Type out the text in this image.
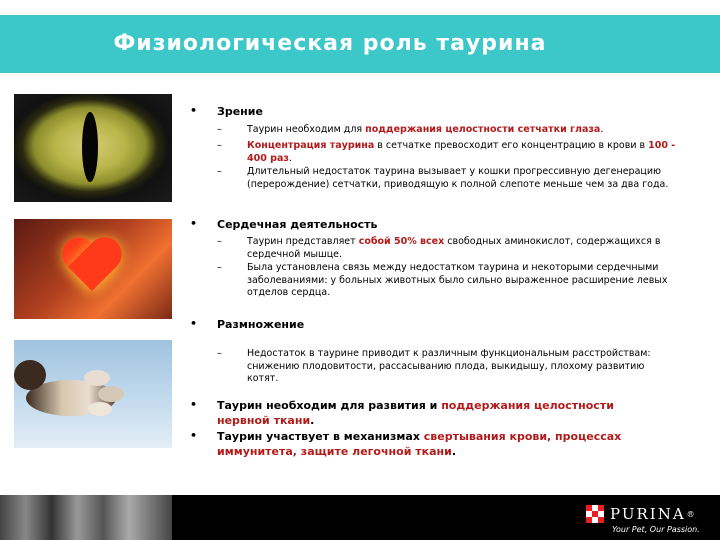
Физиологическая роль таурина
• Зрение
–	Таурин необходим для поддержания целостности сетчатки глаза.
–	Концентрация таурина в сетчатке превосходит его концентрацию в крови в 100 - 400 раз.
–	Длительный недостаток таурина вызывает у кошки прогрессивную дегенерацию (перерождение) сетчатки, приводящую к полной слепоте меньше чем за два года.
• Сердечная деятельность
–	Таурин представляет собой 50% всех свободных аминокислот, содержащихся в сердечной мышце.
–	Была установлена связь между недостатком таурина и некоторыми сердечными заболеваниями: у больных животных было сильно выраженное расширение левых отделов сердца.
• Размножение
–	Недостаток в таурине приводит к различным функциональным расстройствам: снижению плодовитости, рассасыванию плода, выкидышу, плохому развитию котят.
• Таурин необходим для развития и поддержания целостности нервной ткани.
• Таурин участвует в механизмах свертывания крови, процессах иммунитета, защите легочной ткани.
PURINA ®
Your Pet, Our Passion.
